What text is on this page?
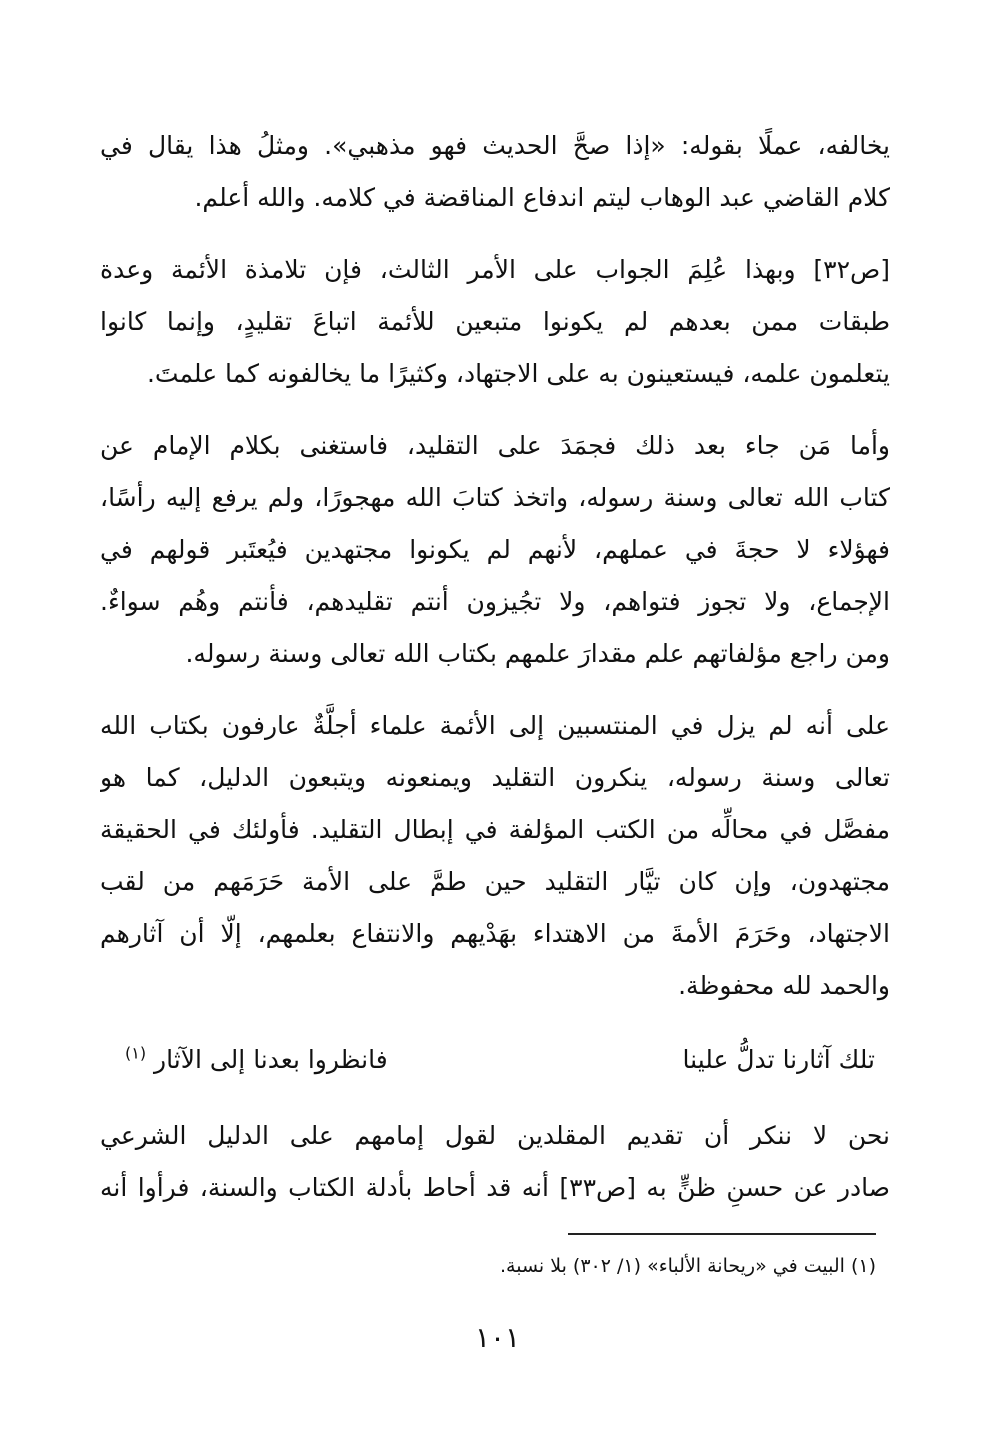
يخالفه، عملًا بقوله: «إذا صحَّ الحديث فهو مذهبي». ومثلُ هذا يقال في
كلام القاضي عبد الوهاب ليتم اندفاع المناقضة في كلامه. والله أعلم.
[ص٣٢] وبهذا عُلِمَ الجواب على الأمر الثالث، فإن تلامذة الأئمة وعدة
طبقات ممن بعدهم لم يكونوا متبعين للأئمة اتباعَ تقليدٍ، وإنما كانوا
يتعلمون علمه، فيستعينون به على الاجتهاد، وكثيرًا ما يخالفونه كما علمتَ.
وأما مَن جاء بعد ذلك فجمَدَ على التقليد، فاستغنى بكلام الإمام عن
كتاب الله تعالى وسنة رسوله، واتخذ كتابَ الله مهجورًا، ولم يرفع إليه رأسًا،
فهؤلاء لا حجةَ في عملهم، لأنهم لم يكونوا مجتهدين فيُعتَبر قولهم في
الإجماع، ولا تجوز فتواهم، ولا تجُيزون أنتم تقليدهم، فأنتم وهُم سواءٌ.
ومن راجع مؤلفاتهم علم مقدارَ علمهم بكتاب الله تعالى وسنة رسوله.
على أنه لم يزل في المنتسبين إلى الأئمة علماء أجلَّةٌ عارفون بكتاب الله
تعالى وسنة رسوله، ينكرون التقليد ويمنعونه ويتبعون الدليل، كما هو
مفصَّل في محالِّه من الكتب المؤلفة في إبطال التقليد. فأولئك في الحقيقة
مجتهدون، وإن كان تيَّار التقليد حين طمَّ على الأمة حَرَمَهم من لقب
الاجتهاد، وحَرَمَ الأمةَ من الاهتداء بهَدْيهم والانتفاع بعلمهم، إلّا أن آثارهم
والحمد لله محفوظة.
تلك آثارنا تدلُّ علينا
فانظروا بعدنا إلى الآثار $^{(١)}$
نحن لا ننكر أن تقديم المقلدين لقول إمامهم على الدليل الشرعي
صادر عن حسنِ ظنٍّ به [ص٣٣] أنه قد أحاط بأدلة الكتاب والسنة، فرأوا أنه
(١) البيت في «ريحانة الألباء» (١/ ٣٠٢) بلا نسبة.
١٠١
